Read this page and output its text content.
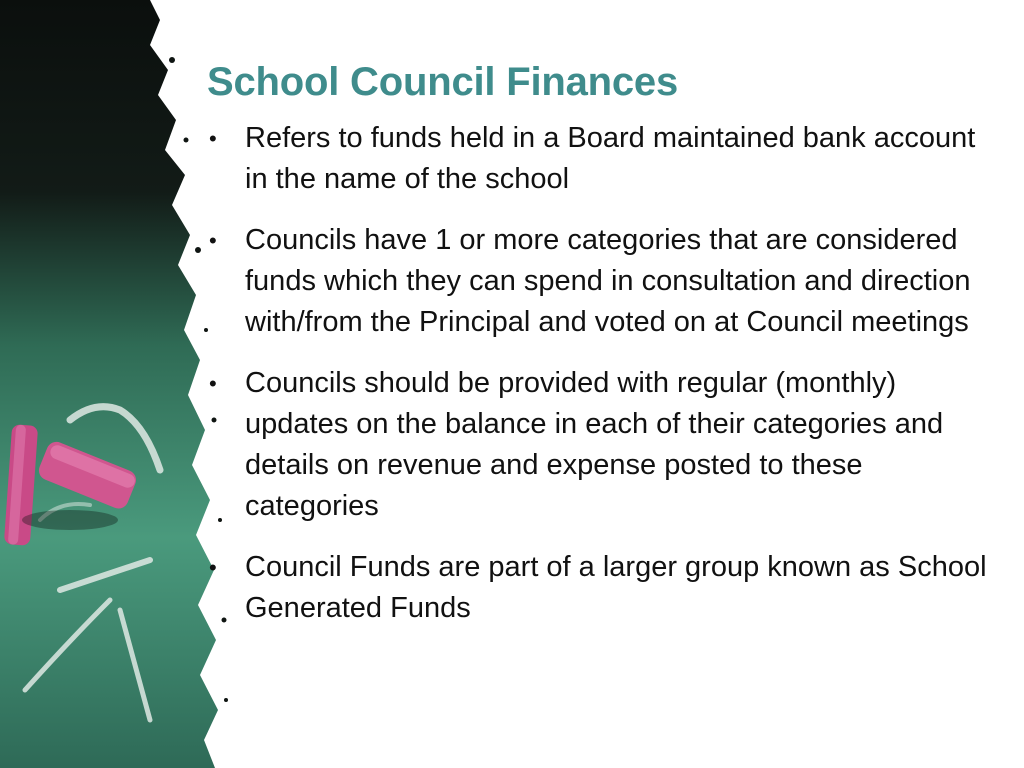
School Council Finances
• Refers to funds held in a Board maintained bank account in the name of the school
• Councils have 1 or more categories that are considered funds which they can spend in consultation and direction with/from the Principal and voted on at Council meetings
• Councils should be provided with regular (monthly) updates on the balance in each of their categories and details on revenue and expense posted to these categories
• Council Funds are part of a larger group known as School Generated Funds
